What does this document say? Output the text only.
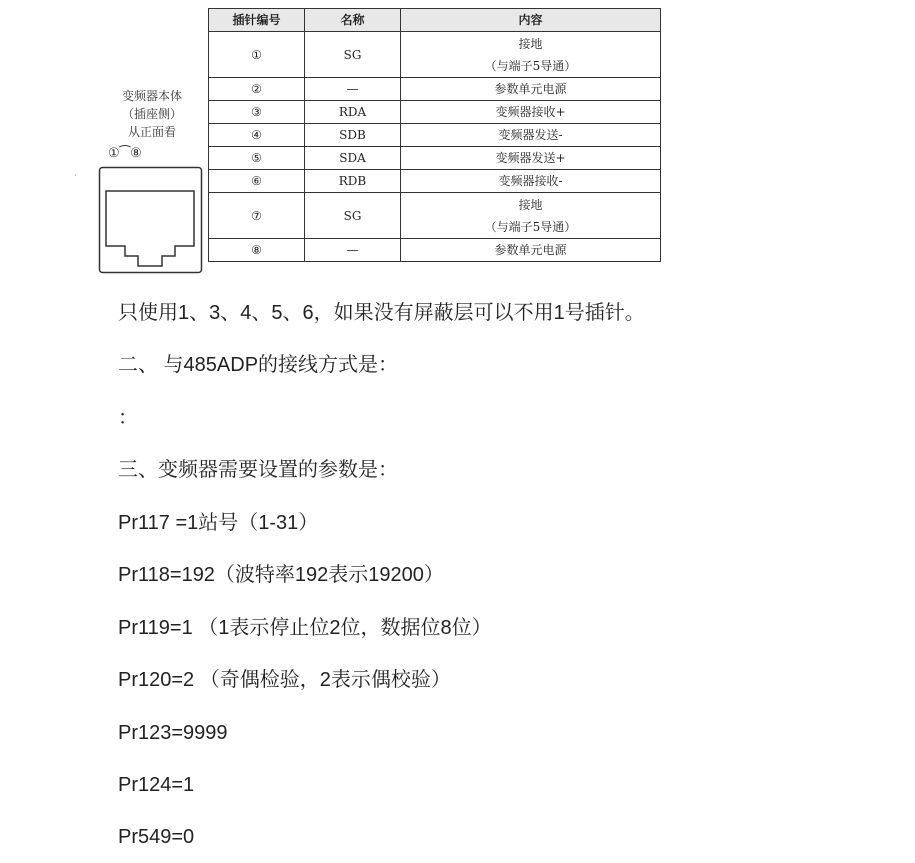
ˈ
变频器本体
（插座侧）
从正面看
①⁀⑧
插针编号	名称	内容
①	SG	接地
（与端子5导通）

②	—	参数单元电源
③	RDA	变频器接收+
④	SDB	变频器发送-
⑤	SDA	变频器发送+
⑥	RDB	变频器接收-
⑦	SG	接地
（与端子5导通）

⑧	—	参数单元电源
只使用1、3、4、5、6，如果没有屏蔽层可以不用1号插针。
二、 与485ADP的接线方式是：
：
三、变频器需要设置的参数是：
Pr117 =1站号（1-31）
Pr118=192（波特率192表示19200）
Pr119=1 （1表示停止位2位，数据位8位）
Pr120=2 （奇偶检验，2表示偶校验）
Pr123=9999
Pr124=1
Pr549=0
